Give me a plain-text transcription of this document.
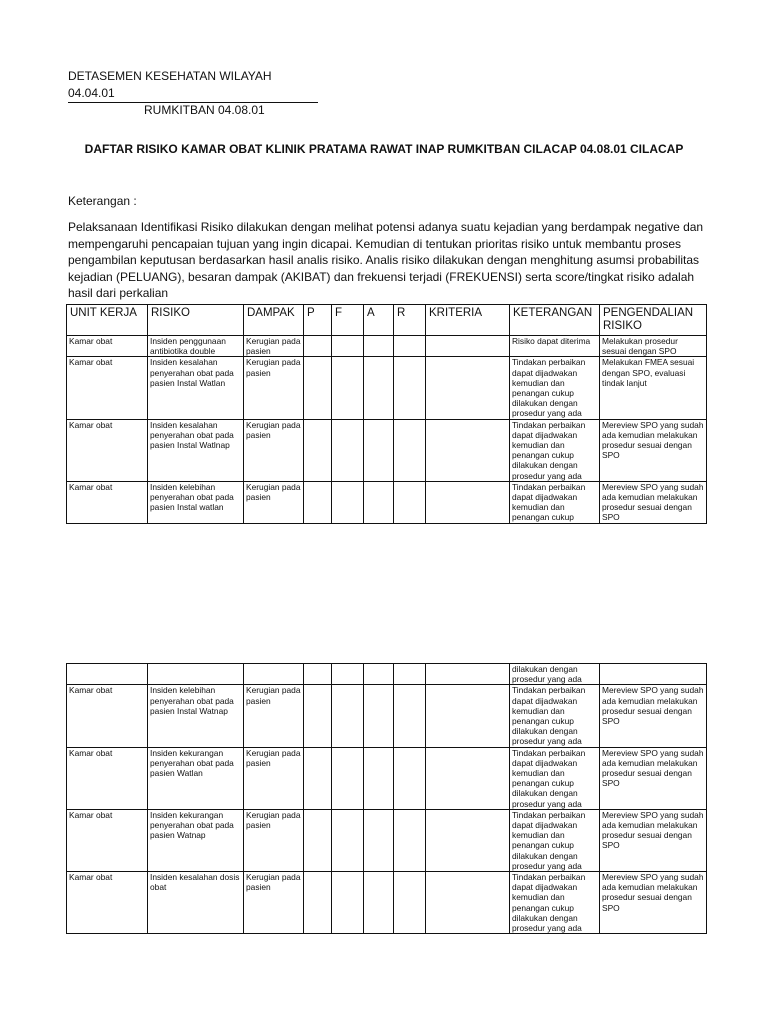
DETASEMEN KESEHATAN WILAYAH 04.04.01
RUMKITBAN 04.08.01
DAFTAR RISIKO KAMAR OBAT KLINIK PRATAMA RAWAT INAP RUMKITBAN CILACAP 04.08.01 CILACAP
Keterangan :
Pelaksanaan Identifikasi Risiko dilakukan dengan melihat potensi adanya suatu kejadian yang berdampak negative dan mempengaruhi pencapaian tujuan yang ingin dicapai. Kemudian di tentukan prioritas risiko untuk membantu proses pengambilan keputusan berdasarkan hasil analis risiko. Analis risiko dilakukan dengan menghitung asumsi probabilitas kejadian (PELUANG), besaran dampak (AKIBAT) dan frekuensi terjadi (FREKUENSI) serta score/tingkat risiko adalah hasil dari perkalian
UNIT KERJA	RISIKO	DAMPAK	P	F	A	R	KRITERIA	KETERANGAN	PENGENDALIAN RISIKO
Kamar obat	Insiden penggunaan antibiotika double	Kerugian pada pasien						Risiko dapat diterima	Melakukan prosedur sesuai dengan SPO
Kamar obat	Insiden kesalahan penyerahan obat pada pasien Instal Watlan	Kerugian pada pasien						Tindakan perbaikan dapat dijadwakan kemudian dan penangan cukup dilakukan dengan prosedur yang ada	Melakukan FMEA sesuai dengan SPO, evaluasi tindak lanjut
Kamar obat	Insiden kesalahan penyerahan obat pada pasien Instal Watlnap	Kerugian pada pasien						Tindakan perbaikan dapat dijadwakan kemudian dan penangan cukup dilakukan dengan prosedur yang ada	Mereview SPO yang sudah ada kemudian melakukan prosedur sesuai dengan SPO
Kamar obat	Insiden kelebihan penyerahan obat pada pasien Instal watlan	Kerugian pada pasien						Tindakan perbaikan dapat dijadwakan kemudian dan penangan cukup	Mereview SPO yang sudah ada kemudian melakukan prosedur sesuai dengan SPO
								dilakukan dengan prosedur yang ada	
Kamar obat	Insiden kelebihan penyerahan obat pada pasien Instal Watnap	Kerugian pada pasien						Tindakan perbaikan dapat dijadwakan kemudian dan penangan cukup dilakukan dengan prosedur yang ada	Mereview SPO yang sudah ada kemudian melakukan prosedur sesuai dengan SPO
Kamar obat	Insiden kekurangan penyerahan obat pada pasien Watlan	Kerugian pada pasien						Tindakan perbaikan dapat dijadwakan kemudian dan penangan cukup dilakukan dengan prosedur yang ada	Mereview SPO yang sudah ada kemudian melakukan prosedur sesuai dengan SPO
Kamar obat	Insiden kekurangan penyerahan obat pada pasien Watnap	Kerugian pada pasien						Tindakan perbaikan dapat dijadwakan kemudian dan penangan cukup dilakukan dengan prosedur yang ada	Mereview SPO yang sudah ada kemudian melakukan prosedur sesuai dengan SPO
Kamar obat	Insiden kesalahan dosis obat	Kerugian pada pasien						Tindakan perbaikan dapat dijadwakan kemudian dan penangan cukup dilakukan dengan prosedur yang ada	Mereview SPO yang sudah ada kemudian melakukan prosedur sesuai dengan SPO
